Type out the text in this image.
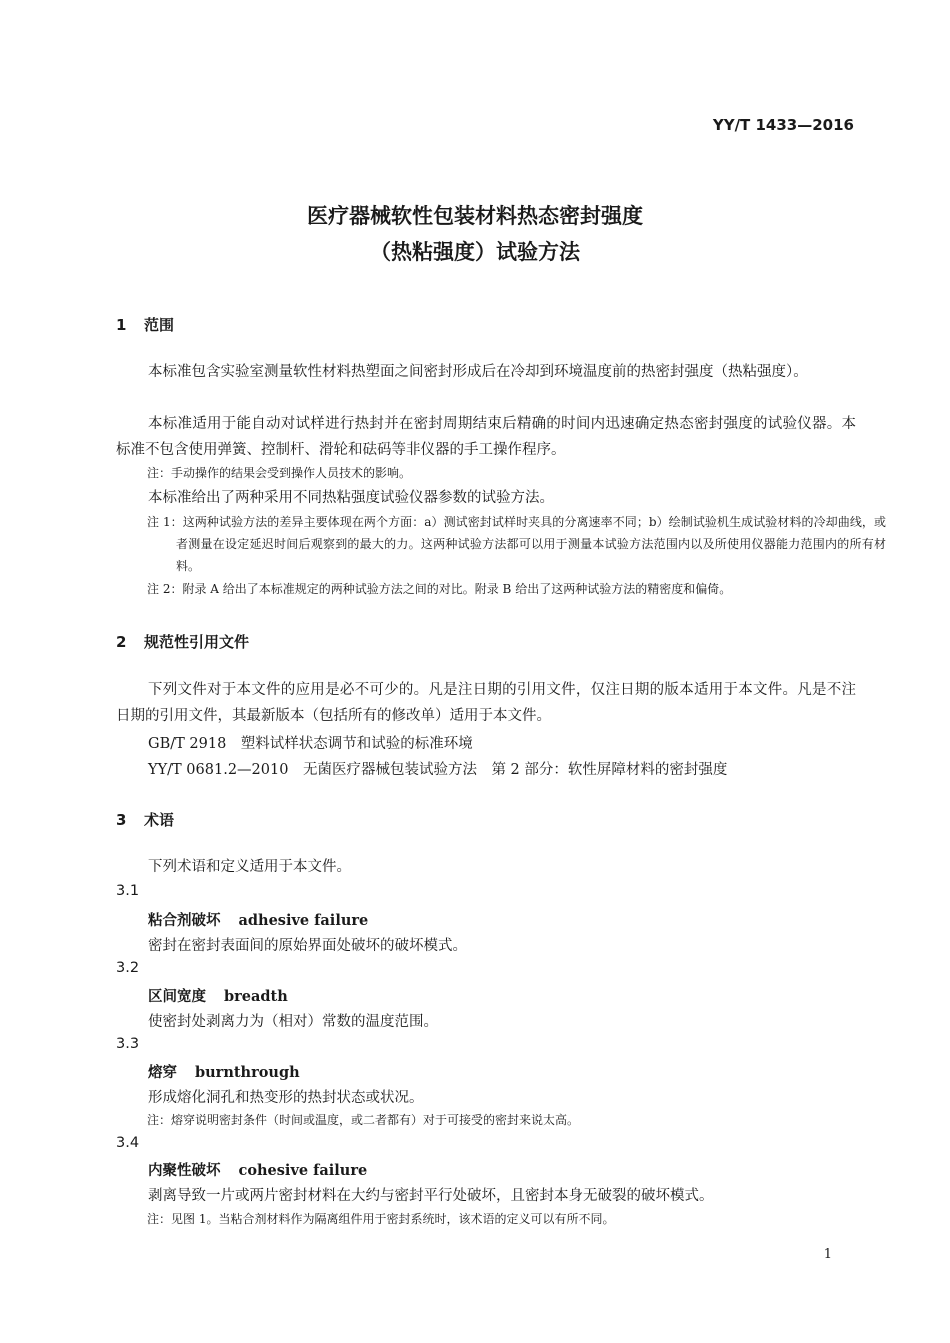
YY/T 1433—2016
医疗器械软性包装材料热态密封强度
（热粘强度）试验方法
1 范围
本标准包含实验室测量软性材料热塑面之间密封形成后在冷却到环境温度前的热密封强度（热粘强度）。
本标准适用于能自动对试样进行热封并在密封周期结束后精确的时间内迅速确定热态密封强度的试验仪器。本标准不包含使用弹簧、控制杆、滑轮和砝码等非仪器的手工操作程序。
注：手动操作的结果会受到操作人员技术的影响。
本标准给出了两种采用不同热粘强度试验仪器参数的试验方法。
注 1：这两种试验方法的差异主要体现在两个方面：a）测试密封试样时夹具的分离速率不同；b）绘制试验机生成试验材料的冷却曲线，或者测量在设定延迟时间后观察到的最大的力。这两种试验方法都可以用于测量本试验方法范围内以及所使用仪器能力范围内的所有材料。
注 2：附录 A 给出了本标准规定的两种试验方法之间的对比。附录 B 给出了这两种试验方法的精密度和偏倚。
2 规范性引用文件
下列文件对于本文件的应用是必不可少的。凡是注日期的引用文件，仅注日期的版本适用于本文件。凡是不注日期的引用文件，其最新版本（包括所有的修改单）适用于本文件。
GB/T 2918　塑料试样状态调节和试验的标准环境
YY/T 0681.2—2010　无菌医疗器械包装试验方法　第 2 部分：软性屏障材料的密封强度
3 术语
下列术语和定义适用于本文件。
3.1
粘合剂破坏 adhesive failure
密封在密封表面间的原始界面处破坏的破坏模式。
3.2
区间宽度 breadth
使密封处剥离力为（相对）常数的温度范围。
3.3
熔穿 burnthrough
形成熔化洞孔和热变形的热封状态或状况。
注：熔穿说明密封条件（时间或温度，或二者都有）对于可接受的密封来说太高。
3.4
内聚性破坏 cohesive failure
剥离导致一片或两片密封材料在大约与密封平行处破坏，且密封本身无破裂的破坏模式。
注：见图 1。当粘合剂材料作为隔离组件用于密封系统时，该术语的定义可以有所不同。
1
